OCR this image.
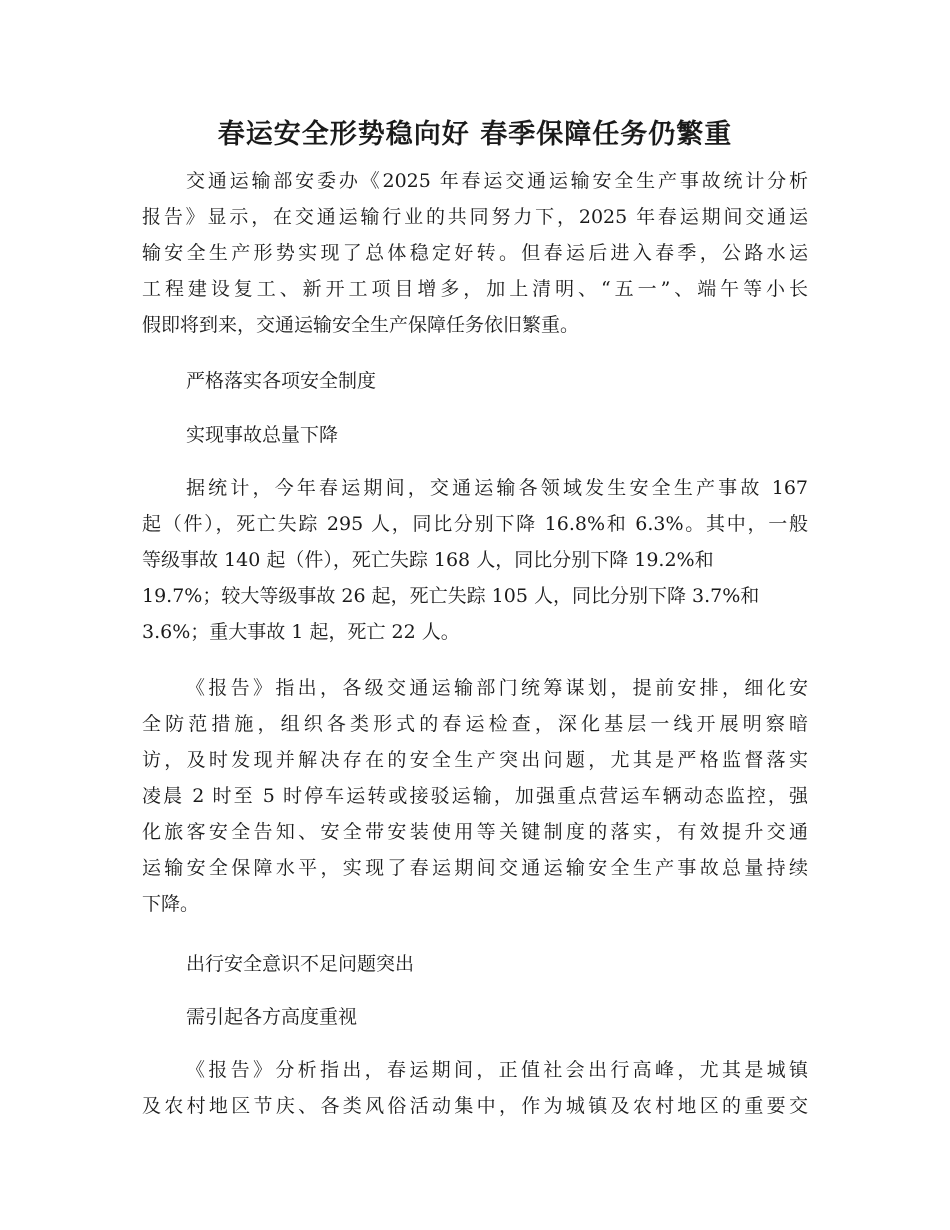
春运安全形势稳向好 春季保障任务仍繁重
交通运输部安委办《2025 年春运交通运输安全生产事故统计分析
报告》显示，在交通运输行业的共同努力下，2025 年春运期间交通运
输安全生产形势实现了总体稳定好转。但春运后进入春季，公路水运
工程建设复工、新开工项目增多，加上清明、“五一”、端午等小长
假即将到来，交通运输安全生产保障任务依旧繁重。
严格落实各项安全制度
实现事故总量下降
据统计，今年春运期间，交通运输各领域发生安全生产事故 167
起（件），死亡失踪 295 人，同比分别下降 16.8%和 6.3%。其中，一般
等级事故 140 起（件），死亡失踪 168 人，同比分别下降 19.2%和
19.7%；较大等级事故 26 起，死亡失踪 105 人，同比分别下降 3.7%和
3.6%；重大事故 1 起，死亡 22 人。
《报告》指出，各级交通运输部门统筹谋划，提前安排，细化安
全防范措施，组织各类形式的春运检查，深化基层一线开展明察暗
访，及时发现并解决存在的安全生产突出问题，尤其是严格监督落实
凌晨 2 时至 5 时停车运转或接驳运输，加强重点营运车辆动态监控，强
化旅客安全告知、安全带安装使用等关键制度的落实，有效提升交通
运输安全保障水平，实现了春运期间交通运输安全生产事故总量持续
下降。
出行安全意识不足问题突出
需引起各方高度重视
《报告》分析指出，春运期间，正值社会出行高峰，尤其是城镇
及农村地区节庆、各类风俗活动集中，作为城镇及农村地区的重要交
